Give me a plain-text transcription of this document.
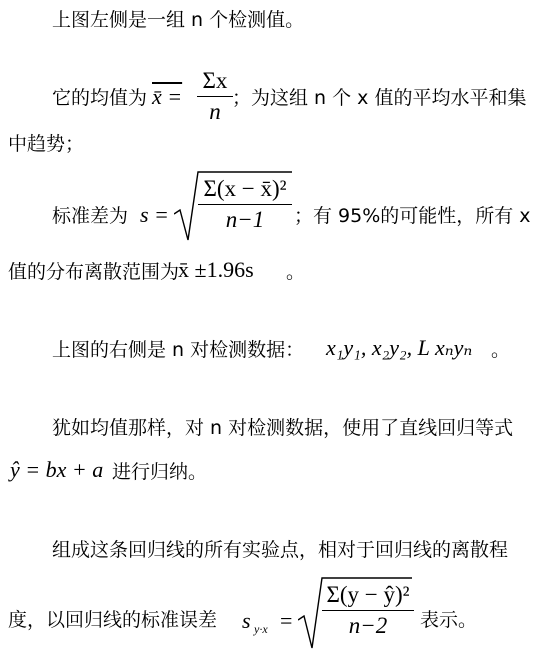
上图左侧是一组 n 个检测值。
它的均值为 x̄ =
Σx
n
；为这组 n 个 x 值的平均水平和集
中趋势；
标准差为 s =
Σ(x − x̄)²
n−1	；有 95%的可能性，所有 x
值的分布离散范围为
x̄ ±1.96s 。
上图的右侧是 n 对检测数据： x₁y₁, x₂y₂, L xₙyₙ 。
犹如均值那样，对 n 对检测数据，使用了直线回归等式
ŷ = bx + a 进行归纳。
组成这条回归线的所有实验点，相对于回归线的离散程
度，以回归线的标准误差 s y·x =
Σ(y − ŷ)²
n−2	表示。
